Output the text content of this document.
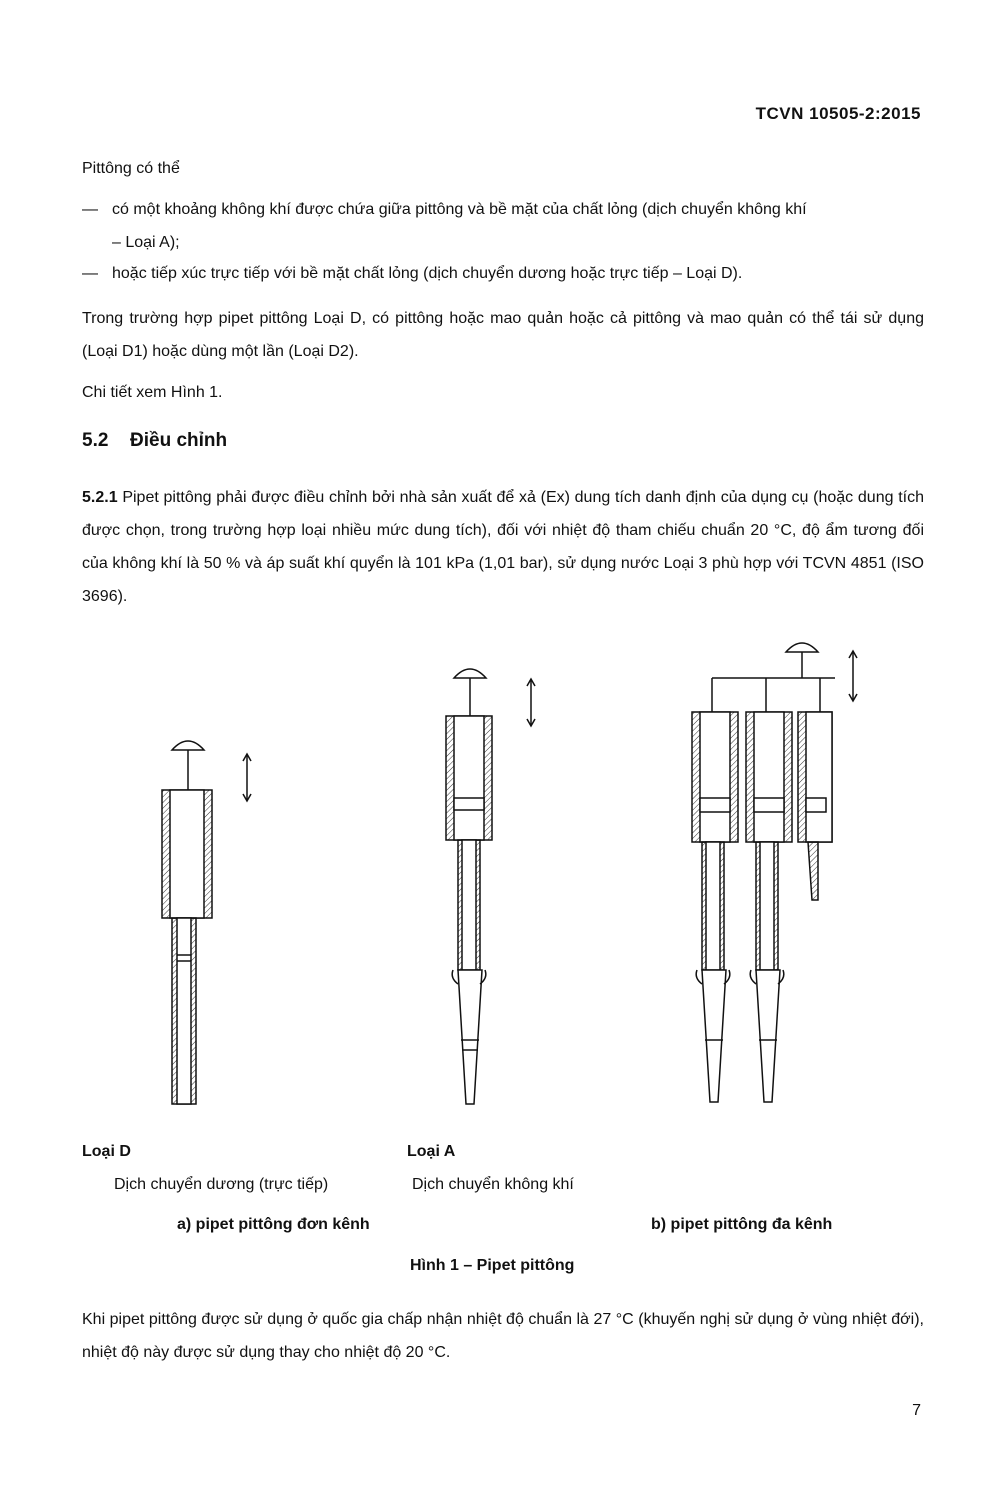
TCVN 10505-2:2015
Pittông có thể
— có một khoảng không khí được chứa giữa pittông và bề mặt của chất lỏng (dịch chuyển không khí
– Loại A);
— hoặc tiếp xúc trực tiếp với bề mặt chất lỏng (dịch chuyển dương hoặc trực tiếp – Loại D).
Trong trường hợp pipet pittông Loại D, có pittông hoặc mao quản hoặc cả pittông và mao quản có thể tái sử dụng (Loại D1) hoặc dùng một lần (Loại D2).
Chi tiết xem Hình 1.
5.2 Điều chỉnh
5.2.1 Pipet pittông phải được điều chỉnh bởi nhà sản xuất để xả (Ex) dung tích danh định của dụng cụ (hoặc dung tích được chọn, trong trường hợp loại nhiều mức dung tích), đối với nhiệt độ tham chiếu chuẩn 20 °C, độ ẩm tương đối của không khí là 50 % và áp suất khí quyển là 101 kPa (1,01 bar), sử dụng nước Loại 3 phù hợp với TCVN 4851 (ISO 3696).
Loại D
Dịch chuyển dương (trực tiếp)
Loại A
Dịch chuyển không khí
a) pipet pittông đơn kênh	b) pipet pittông đa kênh
Hình 1 – Pipet pittông
Khi pipet pittông được sử dụng ở quốc gia chấp nhận nhiệt độ chuẩn là 27 °C (khuyến nghị sử dụng ở vùng nhiệt đới), nhiệt độ này được sử dụng thay cho nhiệt độ 20 °C.
7
